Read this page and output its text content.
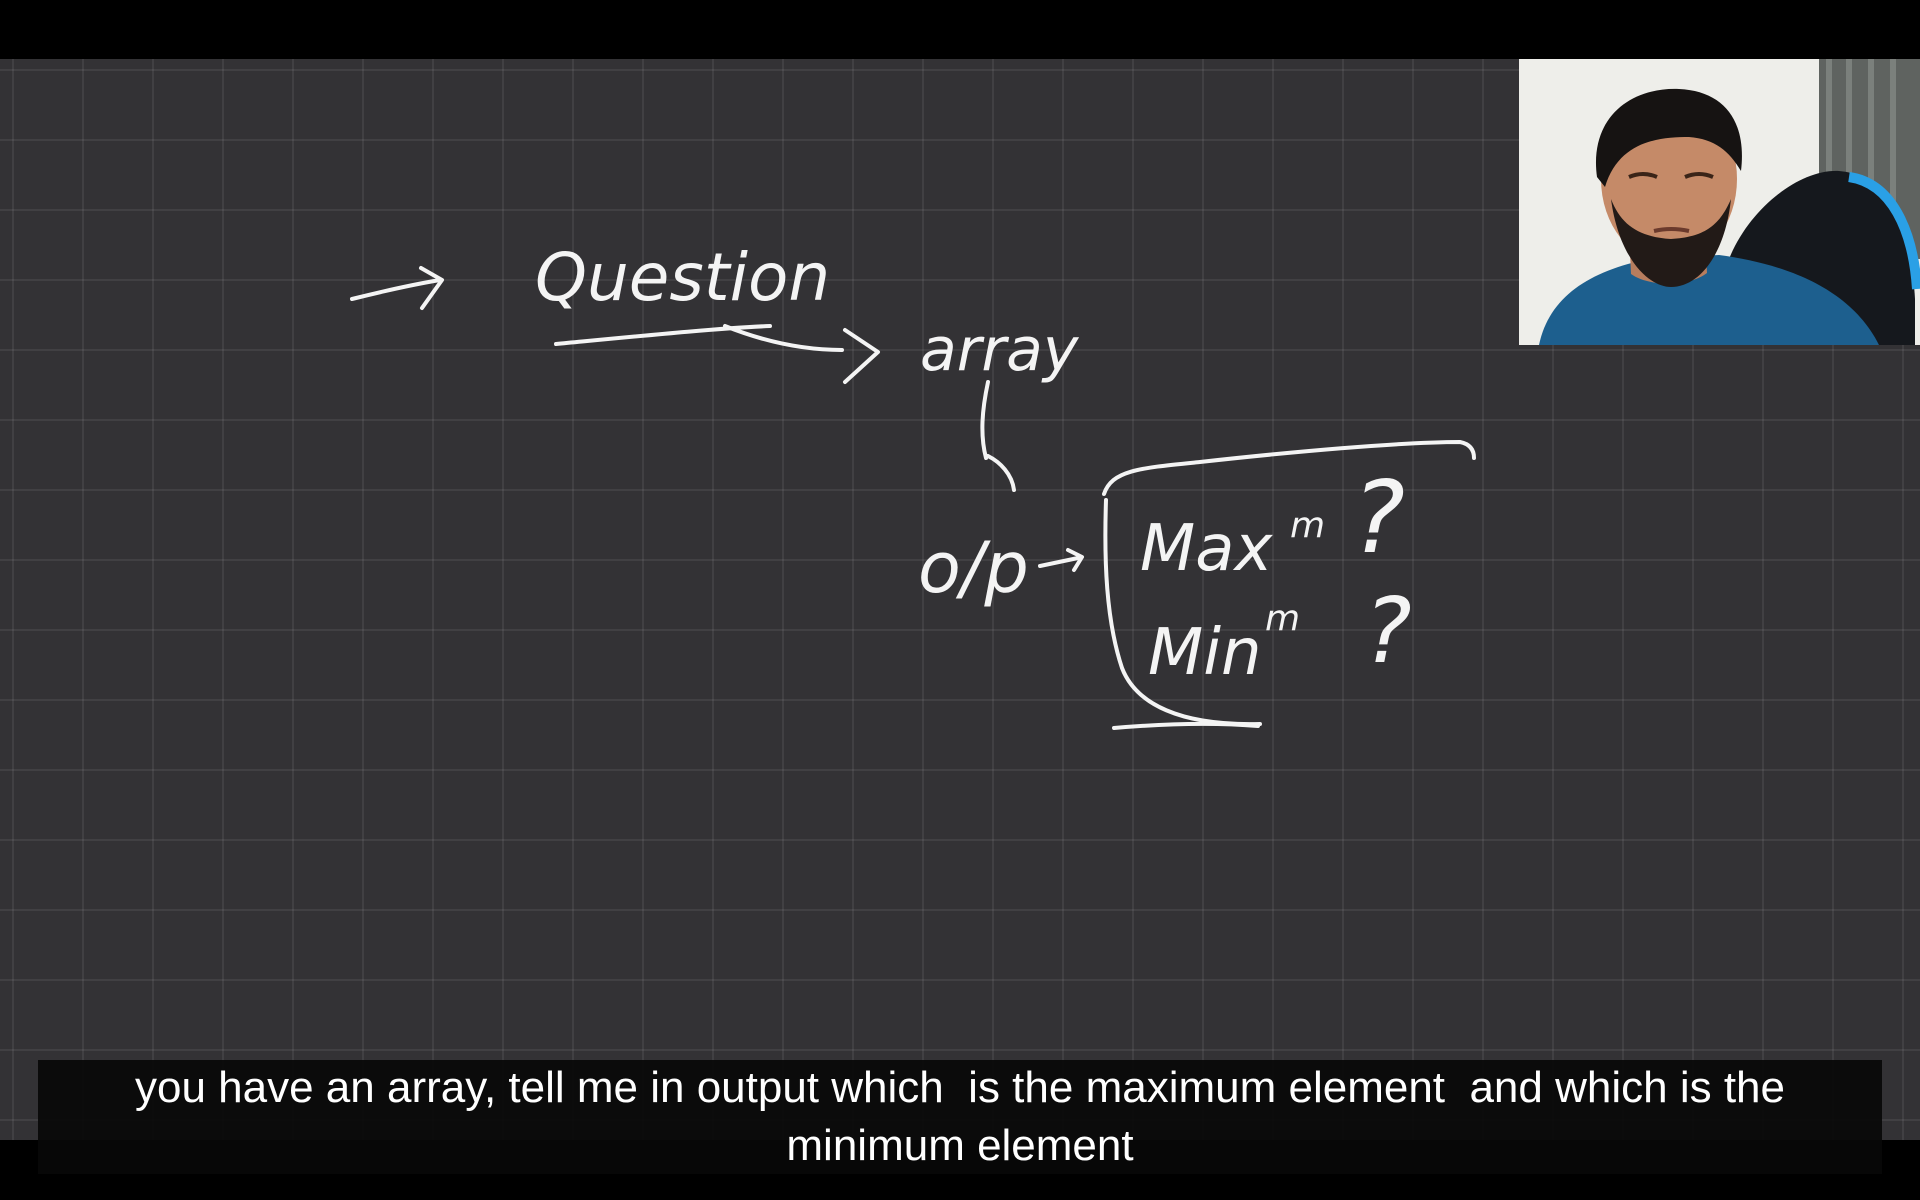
Question
array
o/p Max m ?
Min m ?
you have an array, tell me in output which  is the maximum element  and which is the
minimum element
